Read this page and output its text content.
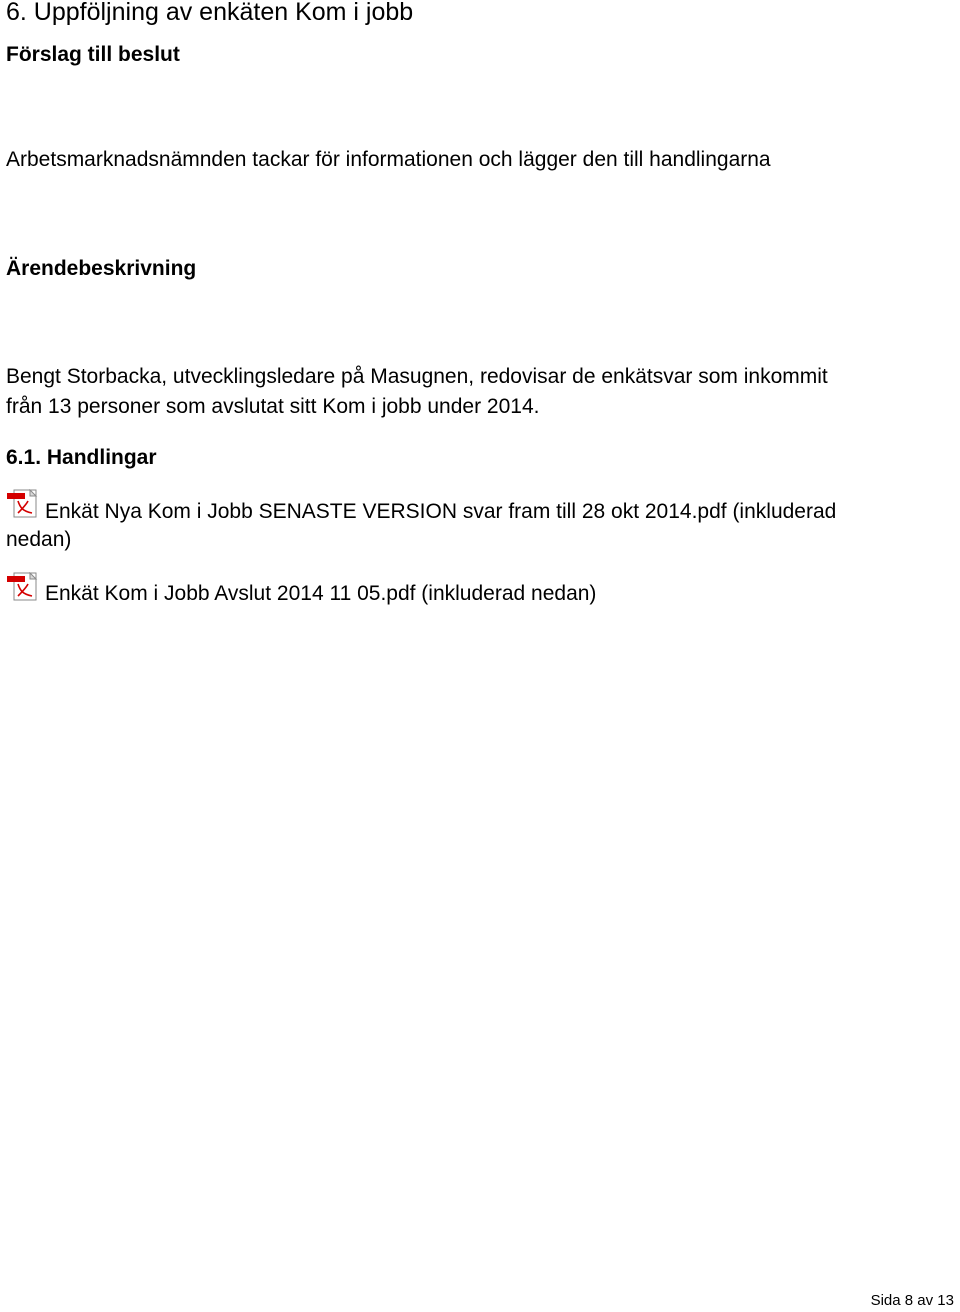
6. Uppföljning av enkäten Kom i jobb
Förslag till beslut
Arbetsmarknadsnämnden tackar för informationen och lägger den till handlingarna
Ärendebeskrivning
Bengt Storbacka, utvecklingsledare på Masugnen, redovisar de enkätsvar som inkommit
från 13 personer som avslutat sitt Kom i jobb under 2014.
6.1. Handlingar
Enkät Nya Kom i Jobb SENASTE VERSION svar fram till 28 okt 2014.pdf (inkluderad
nedan)
Enkät Kom i Jobb Avslut 2014 11 05.pdf (inkluderad nedan)
Sida 8 av 13
